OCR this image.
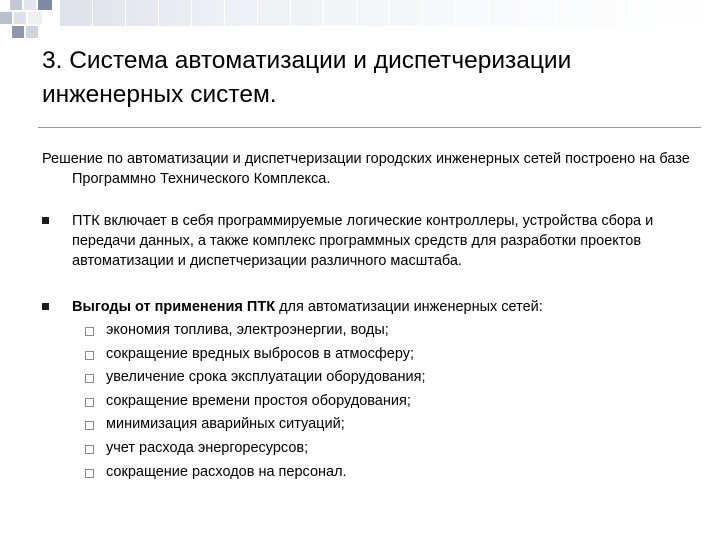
3. Система автоматизации и диспетчеризации инженерных систем.
Решение по автоматизации и диспетчеризации городских инженерных сетей построено на базе Программно Технического Комплекса.
ПТК включает в себя программируемые логические контроллеры, устройства сбора и передачи данных, а также комплекс программных средств для разработки проектов автоматизации и диспетчеризации различного масштаба.
Выгоды от применения ПТК для автоматизации инженерных сетей:
экономия топлива, электроэнергии, воды;
сокращение вредных выбросов в атмосферу;
увеличение срока эксплуатации оборудования;
сокращение времени простоя оборудования;
минимизация аварийных ситуаций;
учет расхода энергоресурсов;
сокращение расходов на персонал.
